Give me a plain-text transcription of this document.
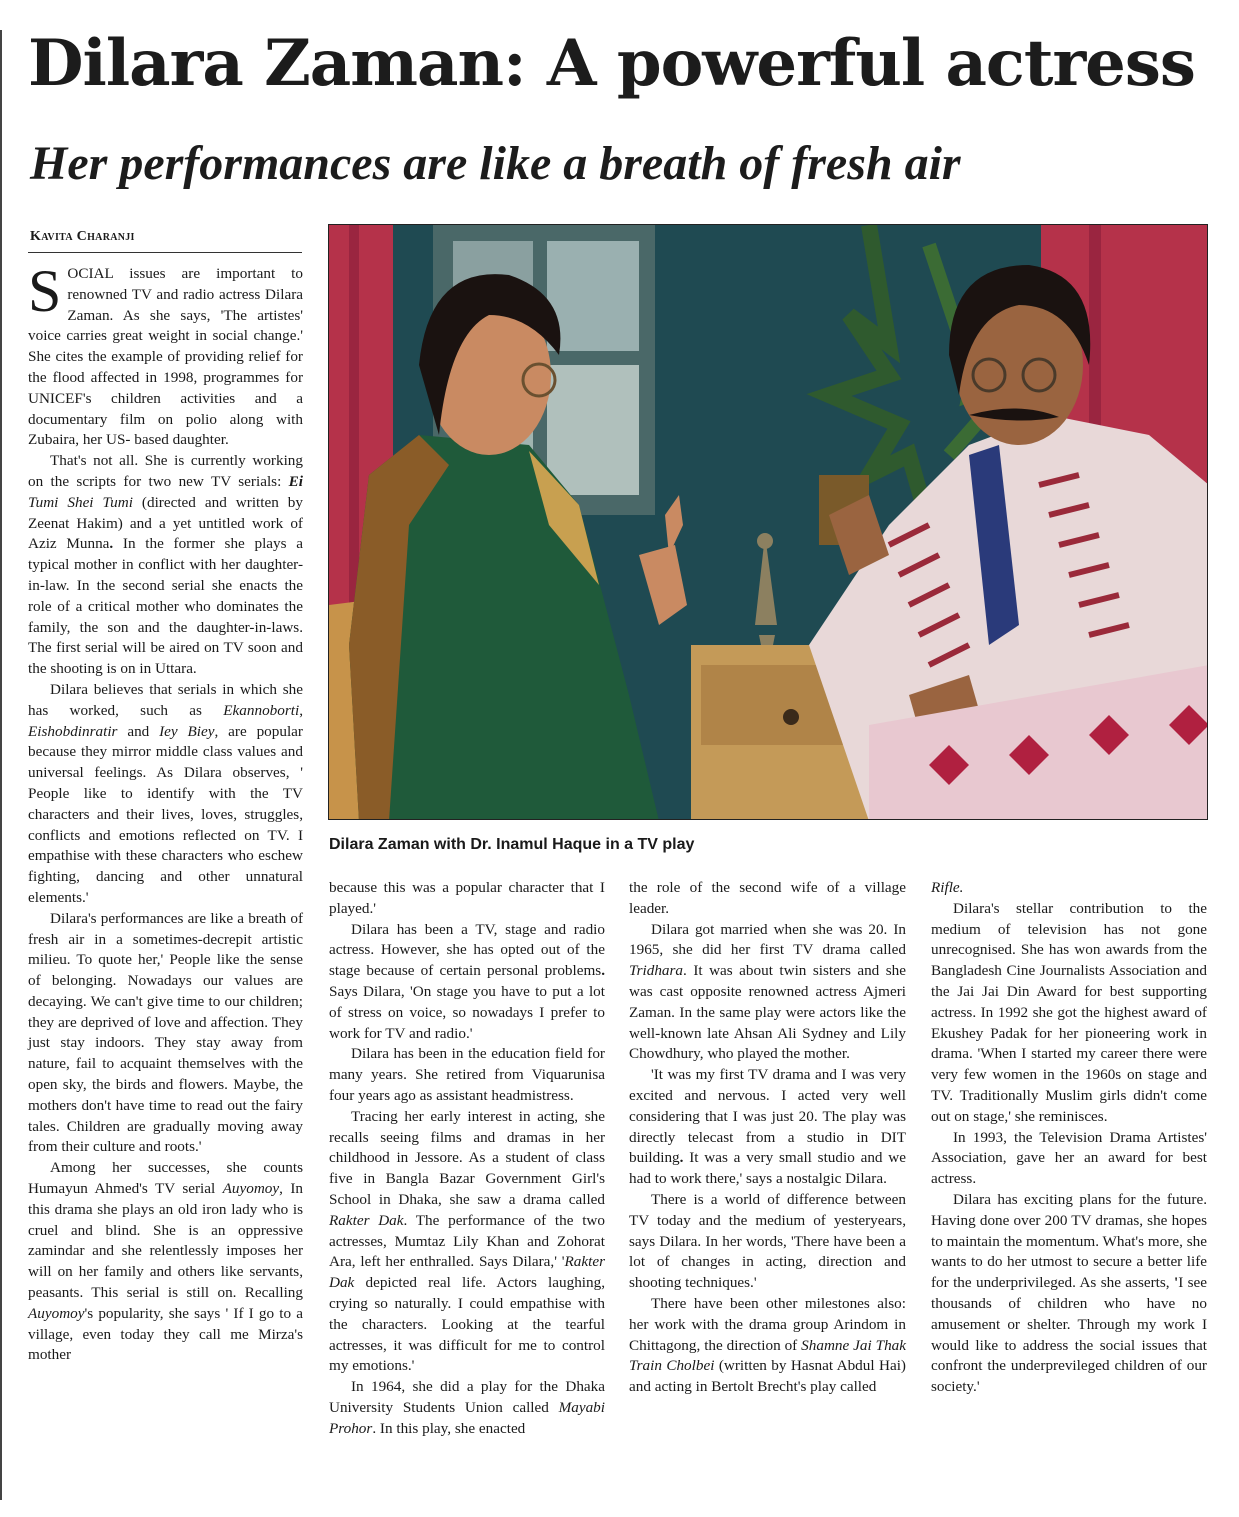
Dilara Zaman: A powerful actress
Her performances are like a breath of fresh air
Kavita Charanji

SOCIAL issues are important to renowned TV and radio actress Dilara Zaman. As she says, 'The artistes' voice carries great weight in social change.' She cites the example of providing relief for the flood affected in 1998, programmes for UNICEF's children activities and a documentary film on polio along with Zubaira, her US- based daughter.

That's not all. She is currently working on the scripts for two new TV serials: Ei Tumi Shei Tumi (directed and written by Zeenat Hakim) and a yet untitled work of Aziz Munna. In the former she plays a typical mother in conflict with her daughter-in-law. In the second serial she enacts the role of a critical mother who dominates the family, the son and the daughter-in-laws. The first serial will be aired on TV soon and the shooting is on in Uttara.

Dilara believes that serials in which she has worked, such as Ekannoborti, Eishobdinratir and Iey Biey, are popular because they mirror middle class values and universal feelings. As Dilara observes, ' People like to identify with the TV characters and their lives, loves, struggles, conflicts and emotions reflected on TV. I empathise with these characters who eschew fighting, dancing and other unnatural elements.'

Dilara's performances are like a breath of fresh air in a sometimes-decrepit artistic milieu. To quote her,' People like the sense of belonging. Nowadays our values are decaying. We can't give time to our children; they are deprived of love and affection. They just stay indoors. They stay away from nature, fail to acquaint themselves with the open sky, the birds and flowers. Maybe, the mothers don't have time to read out the fairy tales. Children are gradually moving away from their culture and roots.'

Among her successes, she counts Humayun Ahmed's TV serial Auyomoy, In this drama she plays an old iron lady who is cruel and blind. She is an oppressive zamindar and she relentlessly imposes her will on her family and others like servants, peasants. This serial is still on. Recalling Auyomoy's popularity, she says ' If I go to a village, even today they call me Mirza's mother

Dilara Zaman with Dr. Inamul Haque in a TV play

because this was a popular character that I played.'

Dilara has been a TV, stage and radio actress. However, she has opted out of the stage because of certain personal problems. Says Dilara, 'On stage you have to put a lot of stress on voice, so nowadays I prefer to work for TV and radio.'

Dilara has been in the education field for many years. She retired from Viquarunisa four years ago as assistant headmistress.

Tracing her early interest in acting, she recalls seeing films and dramas in her childhood in Jessore. As a student of class five in Bangla Bazar Government Girl's School in Dhaka, she saw a drama called Rakter Dak. The performance of the two actresses, Mumtaz Lily Khan and Zohorat Ara, left her enthralled. Says Dilara,' 'Rakter Dak depicted real life. Actors laughing, crying so naturally. I could empathise with the characters. Looking at the tearful actresses, it was difficult for me to control my emotions.'

In 1964, she did a play for the Dhaka University Students Union called Mayabi Prohor. In this play, she enacted

the role of the second wife of a village leader.

Dilara got married when she was 20. In 1965, she did her first TV drama called Tridhara. It was about twin sisters and she was cast opposite renowned actress Ajmeri Zaman. In the same play were actors like the well-known late Ahsan Ali Sydney and Lily Chowdhury, who played the mother.

'It was my first TV drama and I was very excited and nervous. I acted very well considering that I was just 20. The play was directly telecast from a studio in DIT building. It was a very small studio and we had to work there,' says a nostalgic Dilara.

There is a world of difference between TV today and the medium of yesteryears, says Dilara. In her words, 'There have been a lot of changes in acting, direction and shooting techniques.'

There have been other milestones also: her work with the drama group Arindom in Chittagong, the direction of Shamne Jai Thak Train Cholbei (written by Hasnat Abdul Hai) and acting in Bertolt Brecht's play called

Rifle.

Dilara's stellar contribution to the medium of television has not gone unrecognised. She has won awards from the Bangladesh Cine Journalists Association and the Jai Jai Din Award for best supporting actress. In 1992 she got the highest award of Ekushey Padak for her pioneering work in drama. 'When I started my career there were very few women in the 1960s on stage and TV. Traditionally Muslim girls didn't come out on stage,' she reminisces.

In 1993, the Television Drama Artistes' Association, gave her an award for best actress.

Dilara has exciting plans for the future. Having done over 200 TV dramas, she hopes to maintain the momentum. What's more, she wants to do her utmost to secure a better life for the underprivileged. As she asserts, 'I see thousands of children who have no amusement or shelter. Through my work I would like to address the social issues that confront the underprevileged children of our society.'
